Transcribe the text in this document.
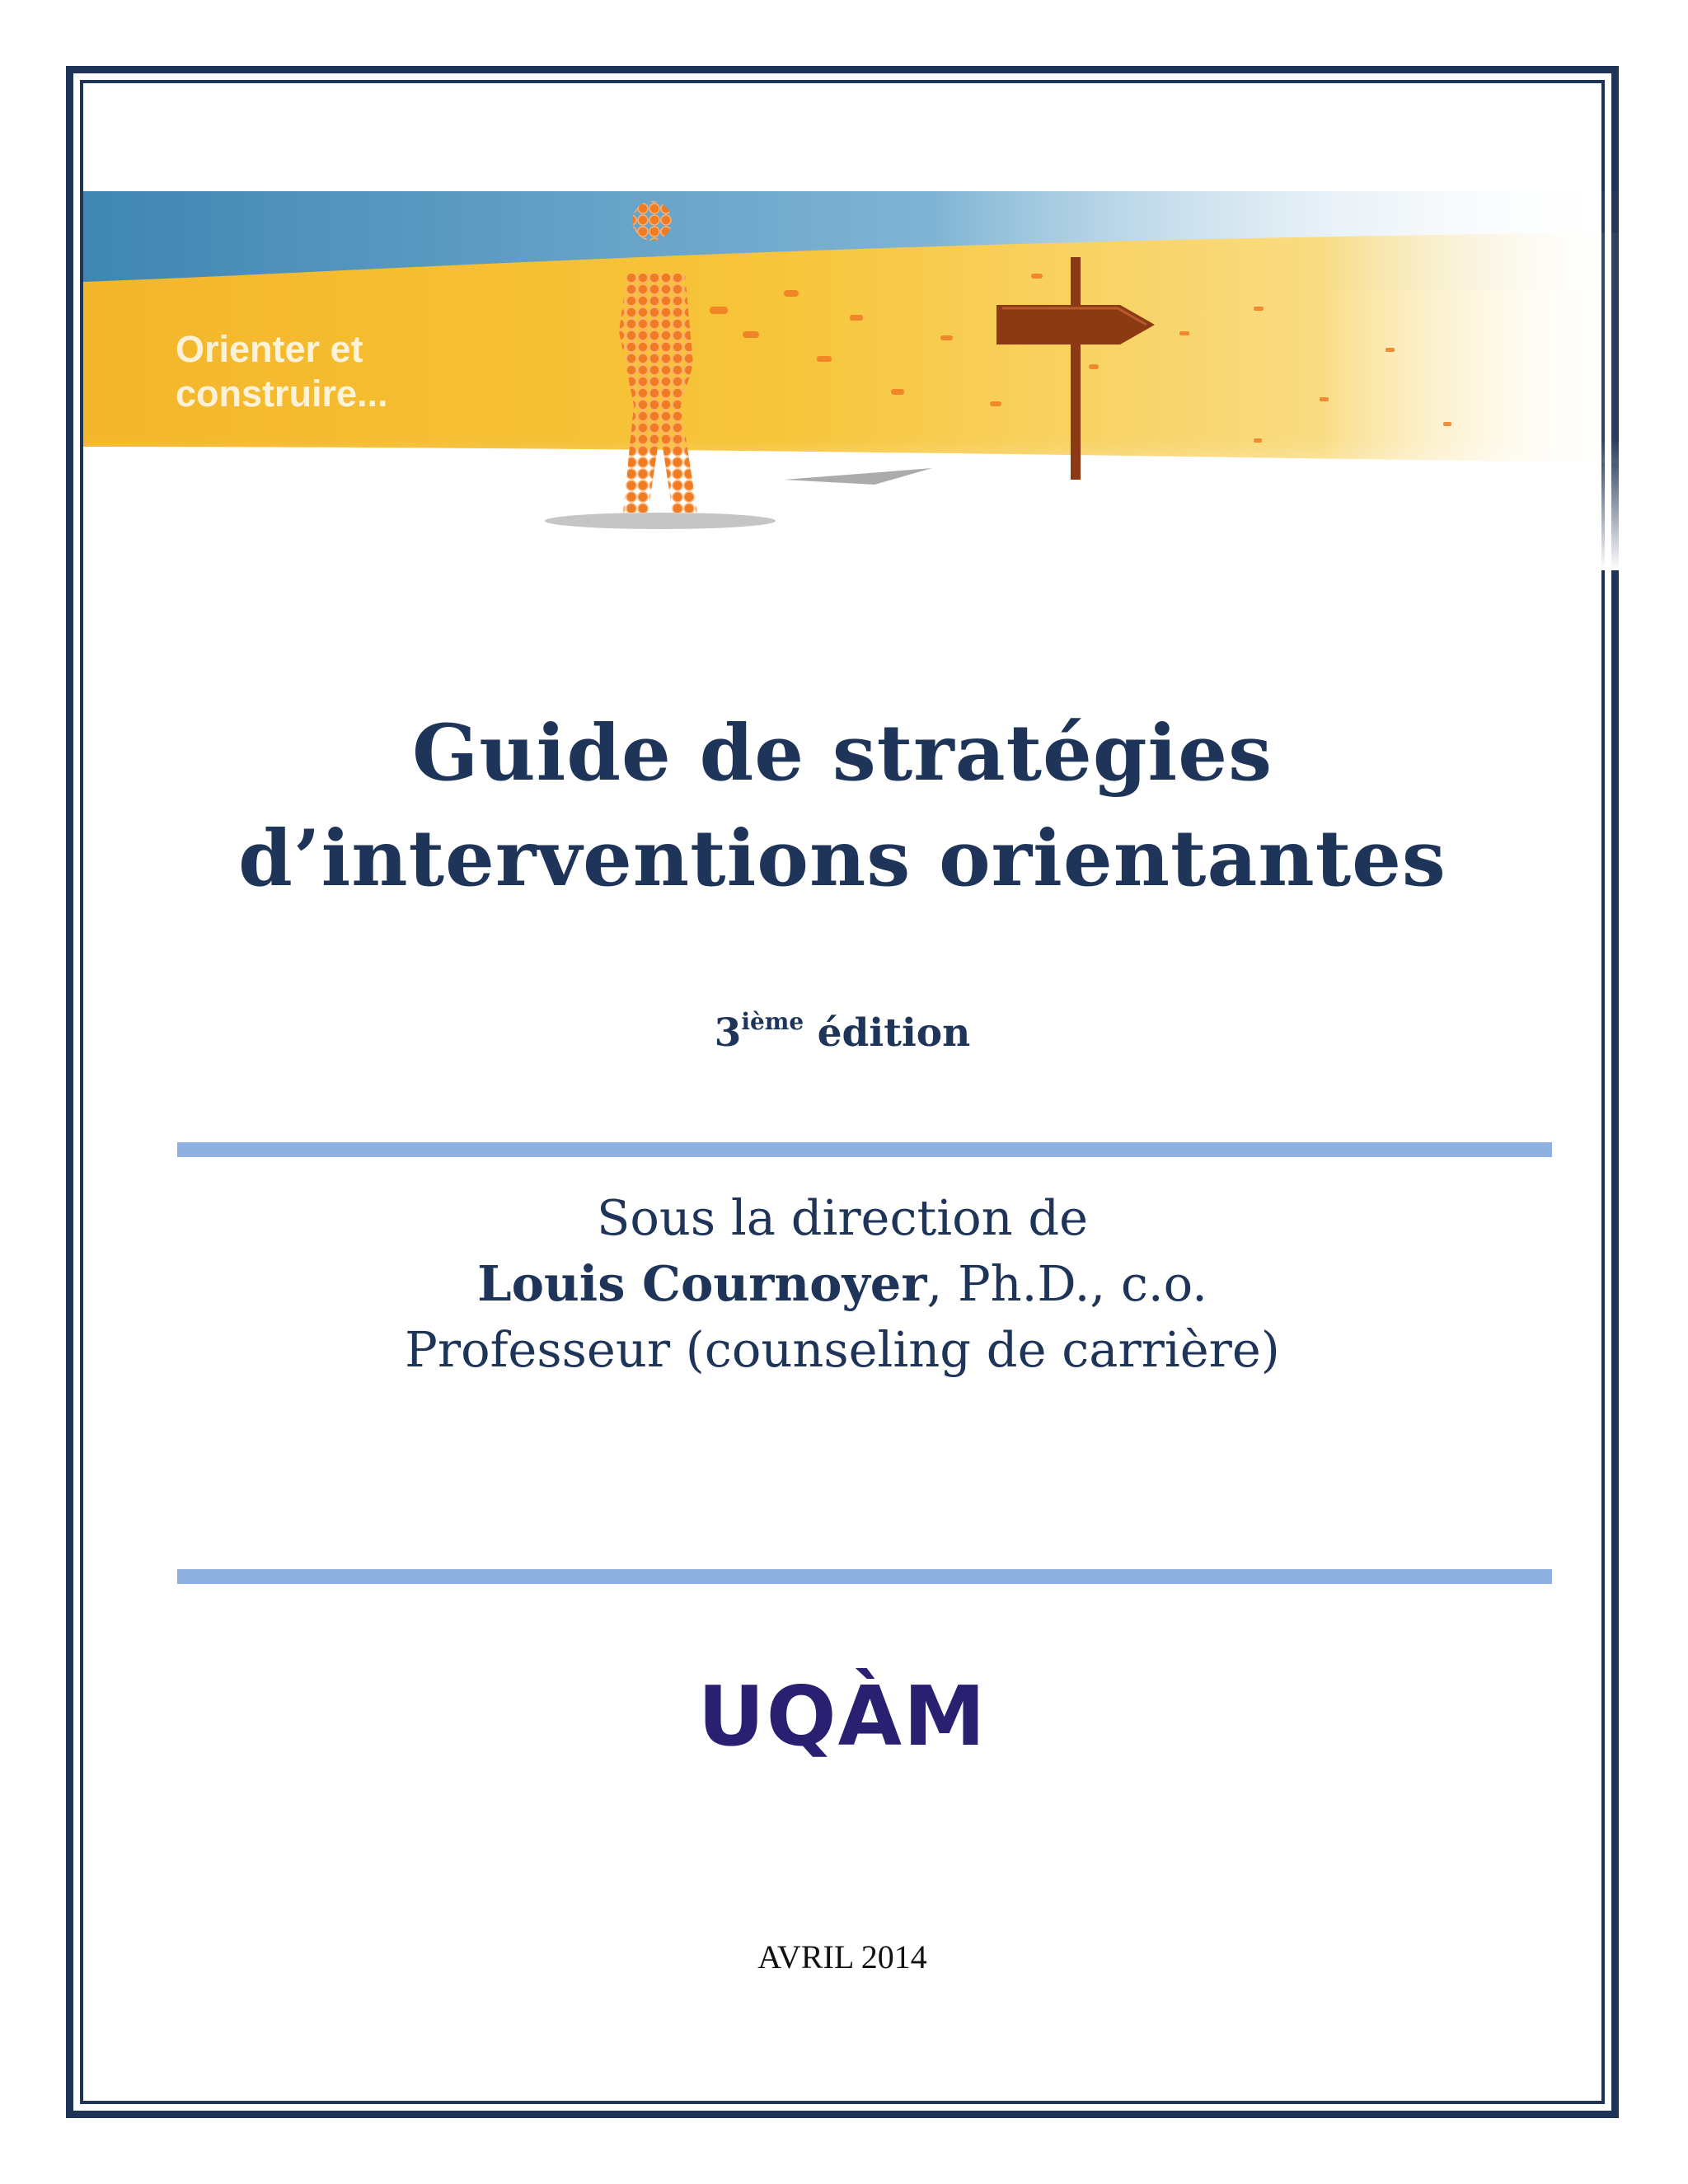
Orienter et
construire...

Guide de stratégies
d’interventions orientantes
3ième édition
Sous la direction de
Louis Cournoyer, Ph.D., c.o.
Professeur (counseling de carrière)
UQÀM
AVRIL 2014
